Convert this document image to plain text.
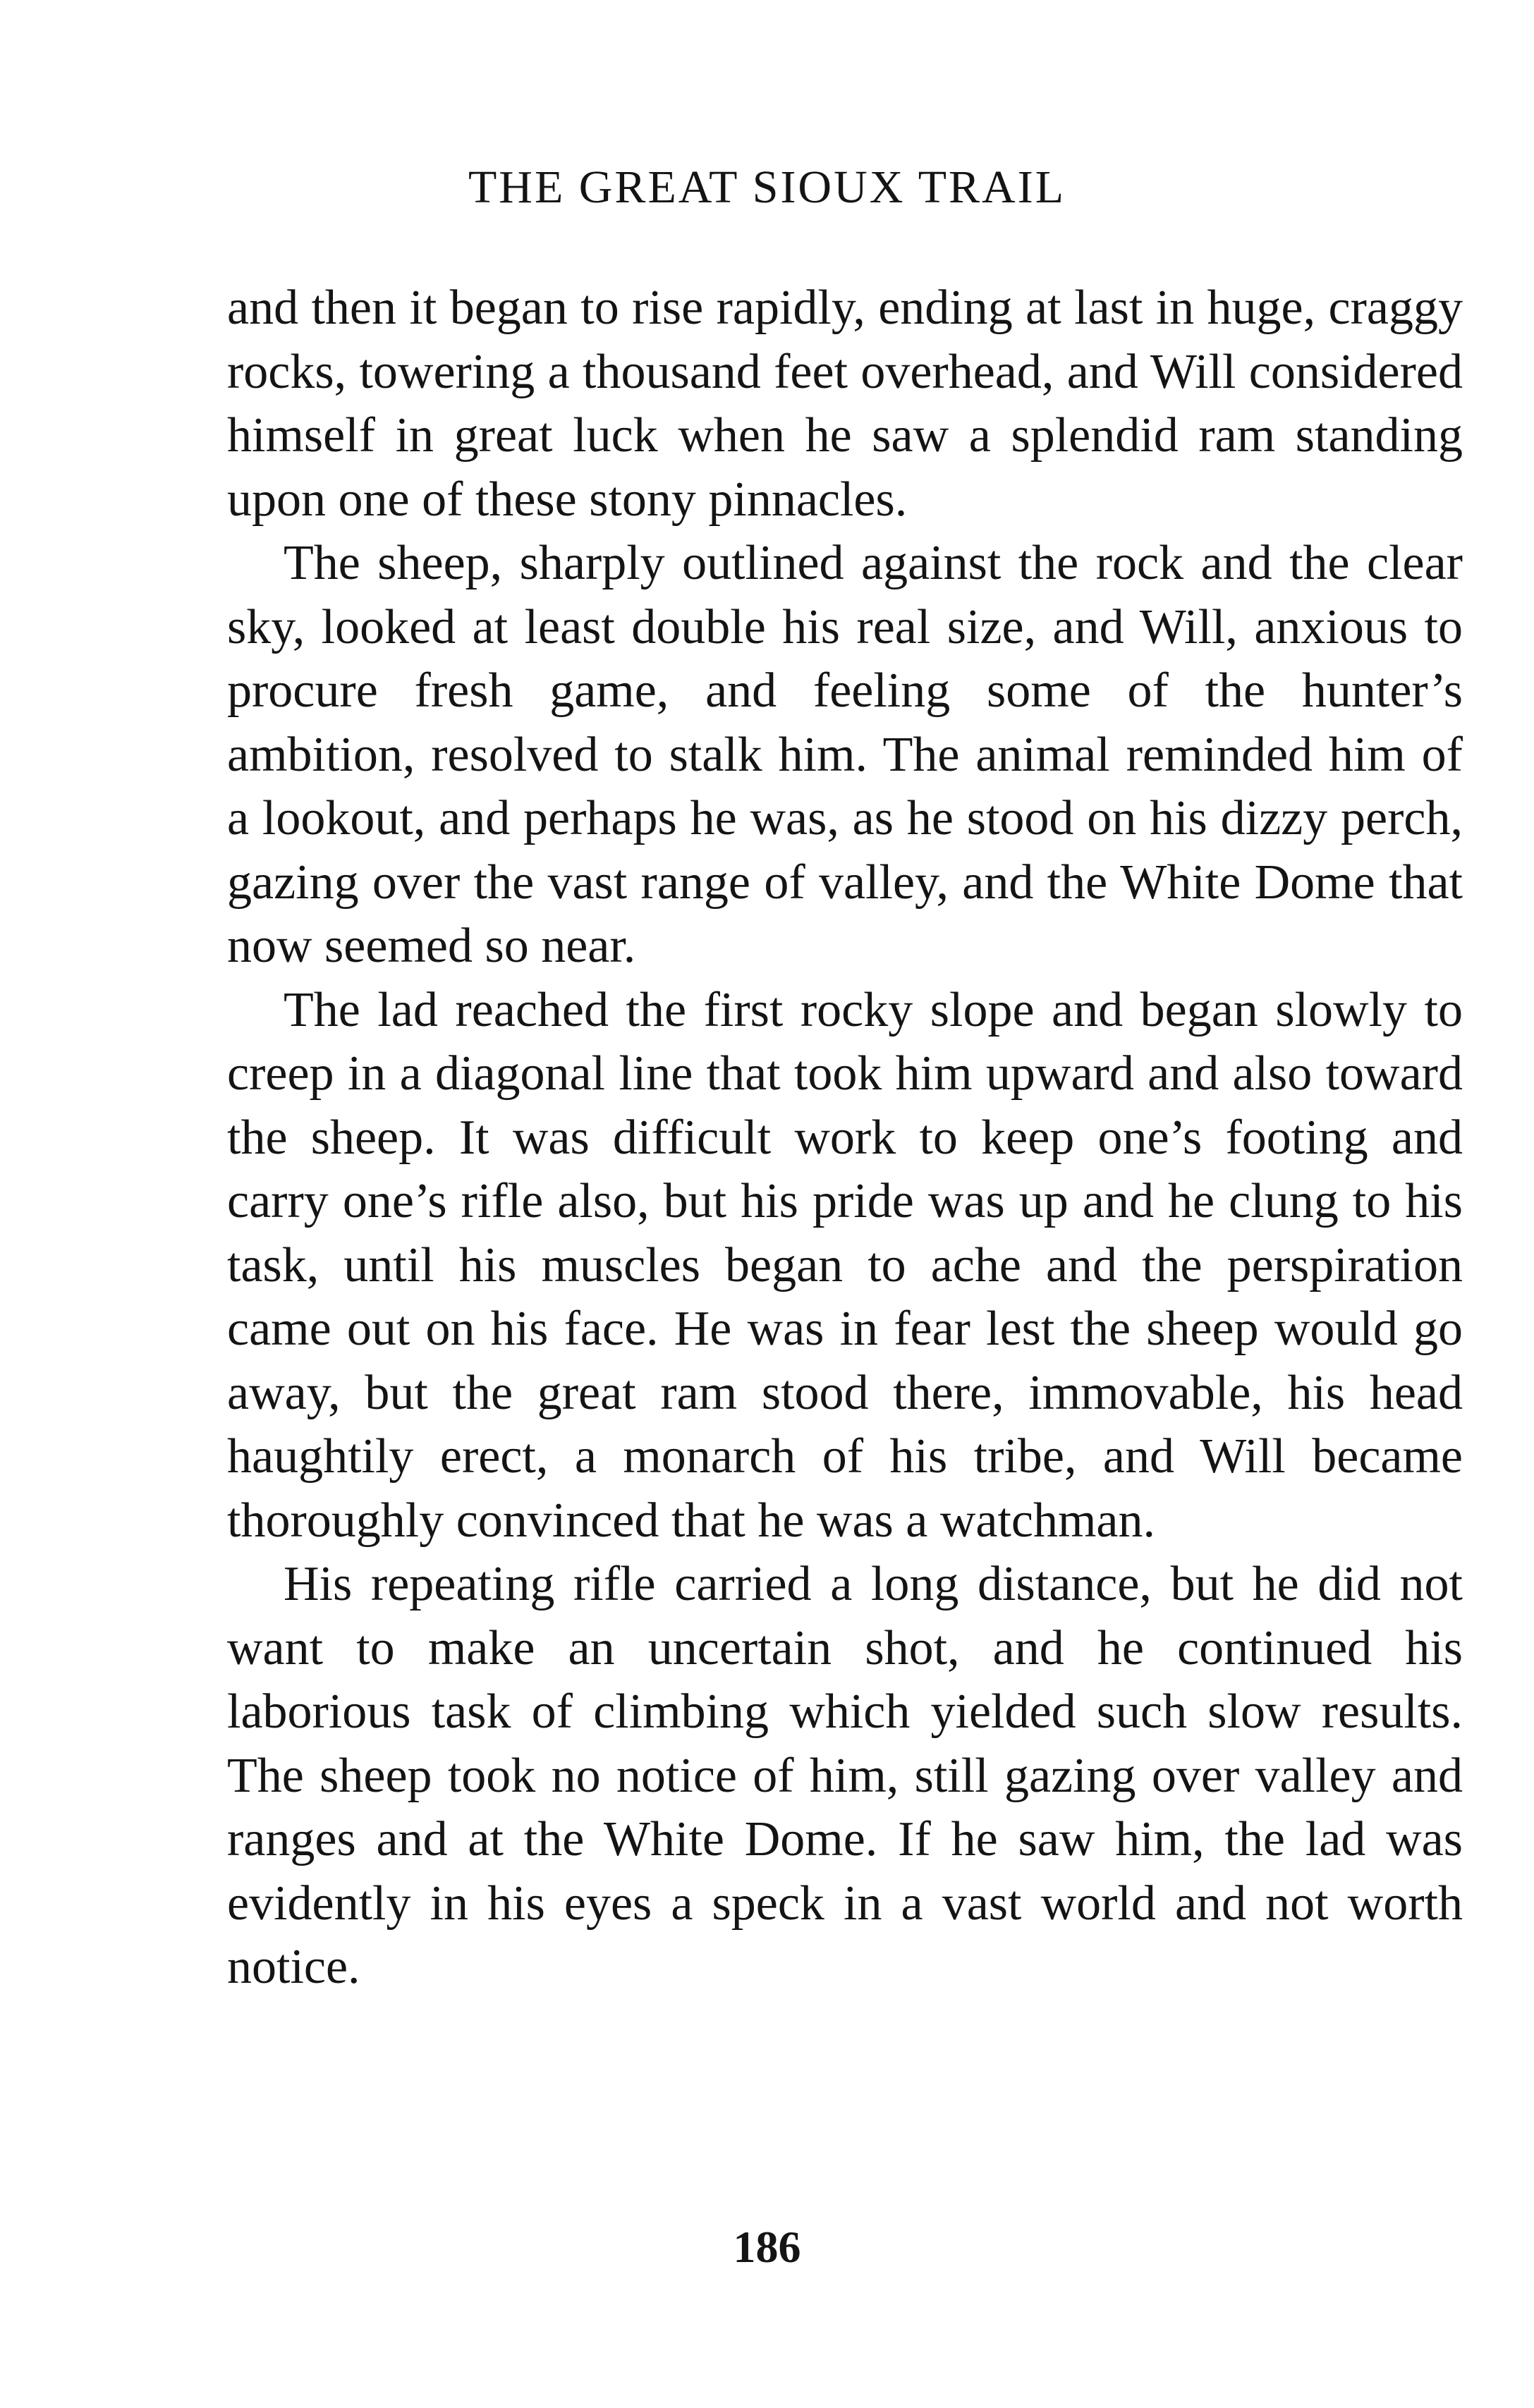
THE GREAT SIOUX TRAIL

and then it began to rise rapidly, ending at last in huge, craggy rocks, towering a thousand feet overhead, and Will considered himself in great luck when he saw a splendid ram standing upon one of these stony pinnacles.

The sheep, sharply outlined against the rock and the clear sky, looked at least double his real size, and Will, anxious to procure fresh game, and feeling some of the hunter’s ambition, resolved to stalk him. The animal reminded him of a lookout, and perhaps he was, as he stood on his dizzy perch, gazing over the vast range of valley, and the White Dome that now seemed so near.

The lad reached the first rocky slope and began slowly to creep in a diagonal line that took him upward and also toward the sheep. It was difficult work to keep one’s footing and carry one’s rifle also, but his pride was up and he clung to his task, until his muscles began to ache and the perspiration came out on his face. He was in fear lest the sheep would go away, but the great ram stood there, immovable, his head haughtily erect, a monarch of his tribe, and Will became thoroughly convinced that he was a watchman.

His repeating rifle carried a long distance, but he did not want to make an uncertain shot, and he continued his laborious task of climbing which yielded such slow results. The sheep took no notice of him, still gazing over valley and ranges and at the White Dome. If he saw him, the lad was evidently in his eyes a speck in a vast world and not worth notice.

186
